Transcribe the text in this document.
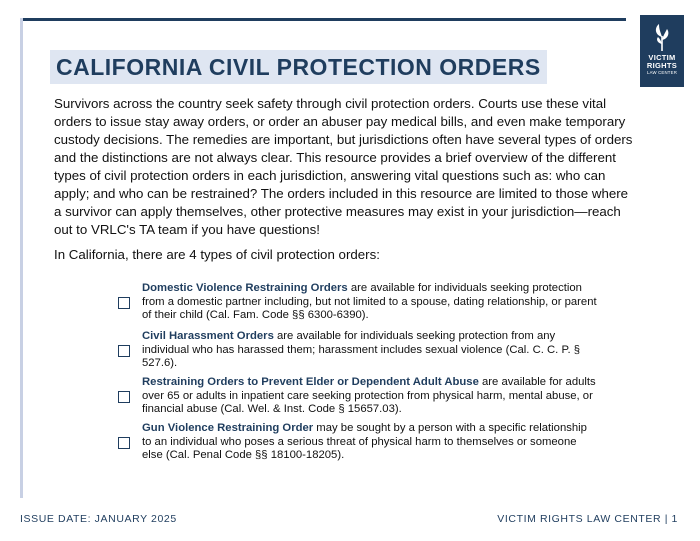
VICTIM
RIGHTS
LAW CENTER
CALIFORNIA CIVIL PROTECTION ORDERS

Survivors across the country seek safety through civil protection orders. Courts use these vital orders to issue stay away orders, or order an abuser pay medical bills, and even make temporary custody decisions. The remedies are important, but jurisdictions often have several types of orders and the distinctions are not always clear. This resource provides a brief overview of the different types of civil protection orders in each jurisdiction, answering vital questions such as: who can apply; and who can be restrained? The orders included in this resource are limited to those where a survivor can apply themselves, other protective measures may exist in your jurisdiction—reach out to VRLC's TA team if you have questions!

In California, there are 4 types of civil protection orders:

Domestic Violence Restraining Orders are available for individuals seeking protection from a domestic partner including, but not limited to a spouse, dating relationship, or parent of their child (Cal. Fam. Code §§ 6300-6390).
Civil Harassment Orders are available for individuals seeking protection from any individual who has harassed them; harassment includes sexual violence (Cal. C. C. P. § 527.6).
Restraining Orders to Prevent Elder or Dependent Adult Abuse are available for adults over 65 or adults in inpatient care seeking protection from physical harm, mental abuse, or financial abuse (Cal. Wel. & Inst. Code § 15657.03).
Gun Violence Restraining Order may be sought by a person with a specific relationship to an individual who poses a serious threat of physical harm to themselves or someone else (Cal. Penal Code §§ 18100-18205).
ISSUE DATE: JANUARY 2025	VICTIM RIGHTS LAW CENTER | 1
